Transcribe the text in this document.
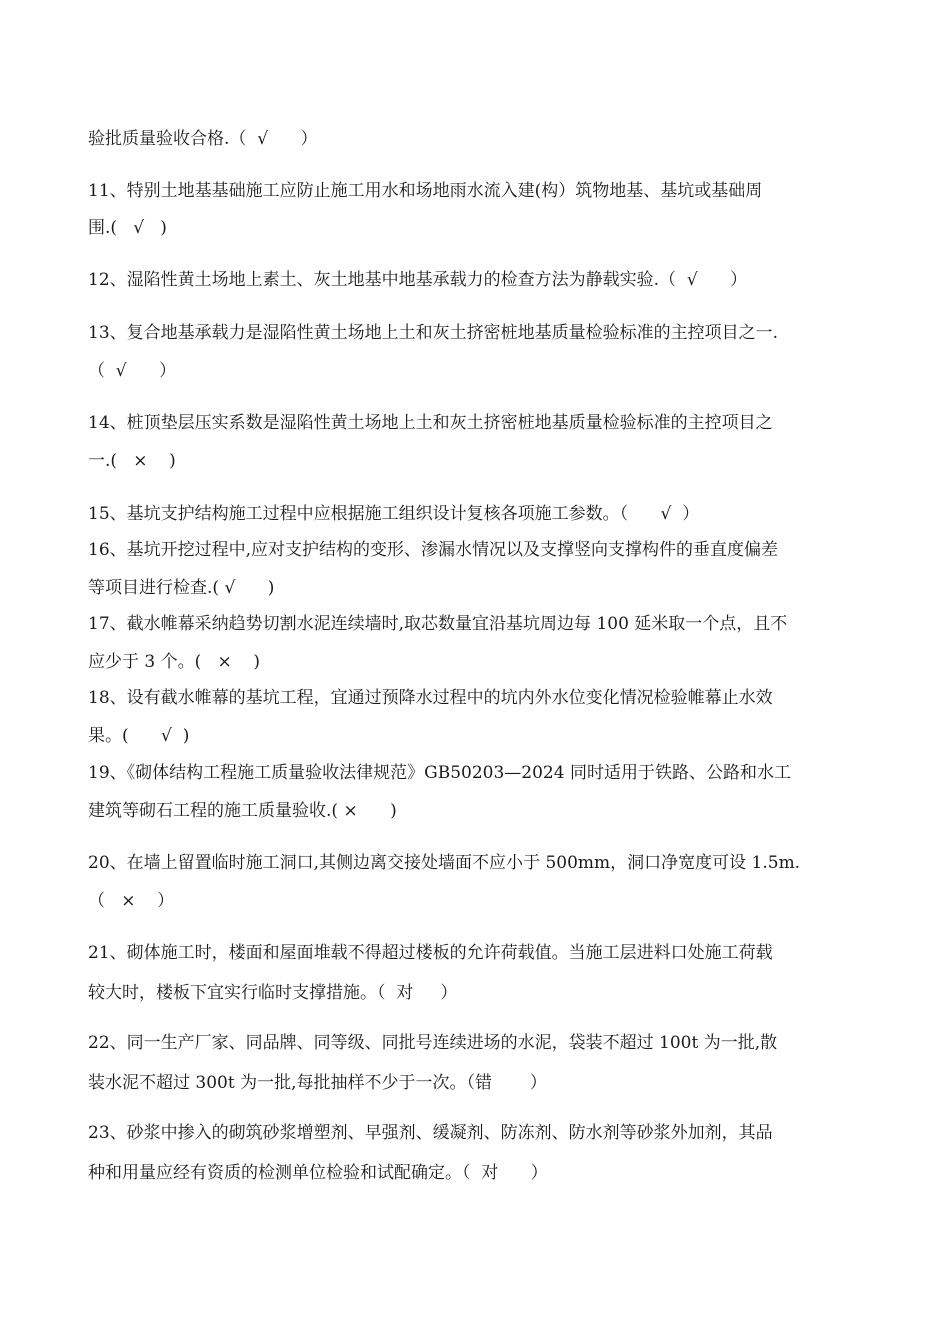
验批质量验收合格.（  √      ）
11、特别土地基基础施工应防止施工用水和场地雨水流入建(构）筑物地基、基坑或基础周
围.(   √   )
12、湿陷性黄土场地上素土、灰土地基中地基承载力的检查方法为静载实验.（  √      ）
13、复合地基承载力是湿陷性黄土场地上土和灰土挤密桩地基质量检验标准的主控项目之一.
（  √      ）
14、桩顶垫层压实系数是湿陷性黄土场地上土和灰土挤密桩地基质量检验标准的主控项目之
一.(   ×    )
15、基坑支护结构施工过程中应根据施工组织设计复核各项施工参数。（      √  ）
16、基坑开挖过程中,应对支护结构的变形、渗漏水情况以及支撑竖向支撑构件的垂直度偏差
等项目进行检查.( √      )
17、截水帷幕采纳趋势切割水泥连续墙时,取芯数量宜沿基坑周边每 100 延米取一个点，且不
应少于 3 个。(   ×    )
18、设有截水帷幕的基坑工程，宜通过预降水过程中的坑内外水位变化情况检验帷幕止水效
果。(      √  )
19、《砌体结构工程施工质量验收法律规范》GB50203—2024 同时适用于铁路、公路和水工
建筑等砌石工程的施工质量验收.( ×      )
20、在墙上留置临时施工洞口,其侧边离交接处墙面不应小于 500mm，洞口净宽度可设 1.5m.
（   ×    ）
21、砌体施工时，楼面和屋面堆载不得超过楼板的允许荷载值。当施工层进料口处施工荷载
较大时，楼板下宜实行临时支撑措施。（  对     ）
22、同一生产厂家、同品牌、同等级、同批号连续进场的水泥，袋装不超过 100t 为一批,散
装水泥不超过 300t 为一批,每批抽样不少于一次。（错       ）
23、砂浆中掺入的砌筑砂浆增塑剂、早强剂、缓凝剂、防冻剂、防水剂等砂浆外加剂，其品
种和用量应经有资质的检测单位检验和试配确定。（  对      ）
